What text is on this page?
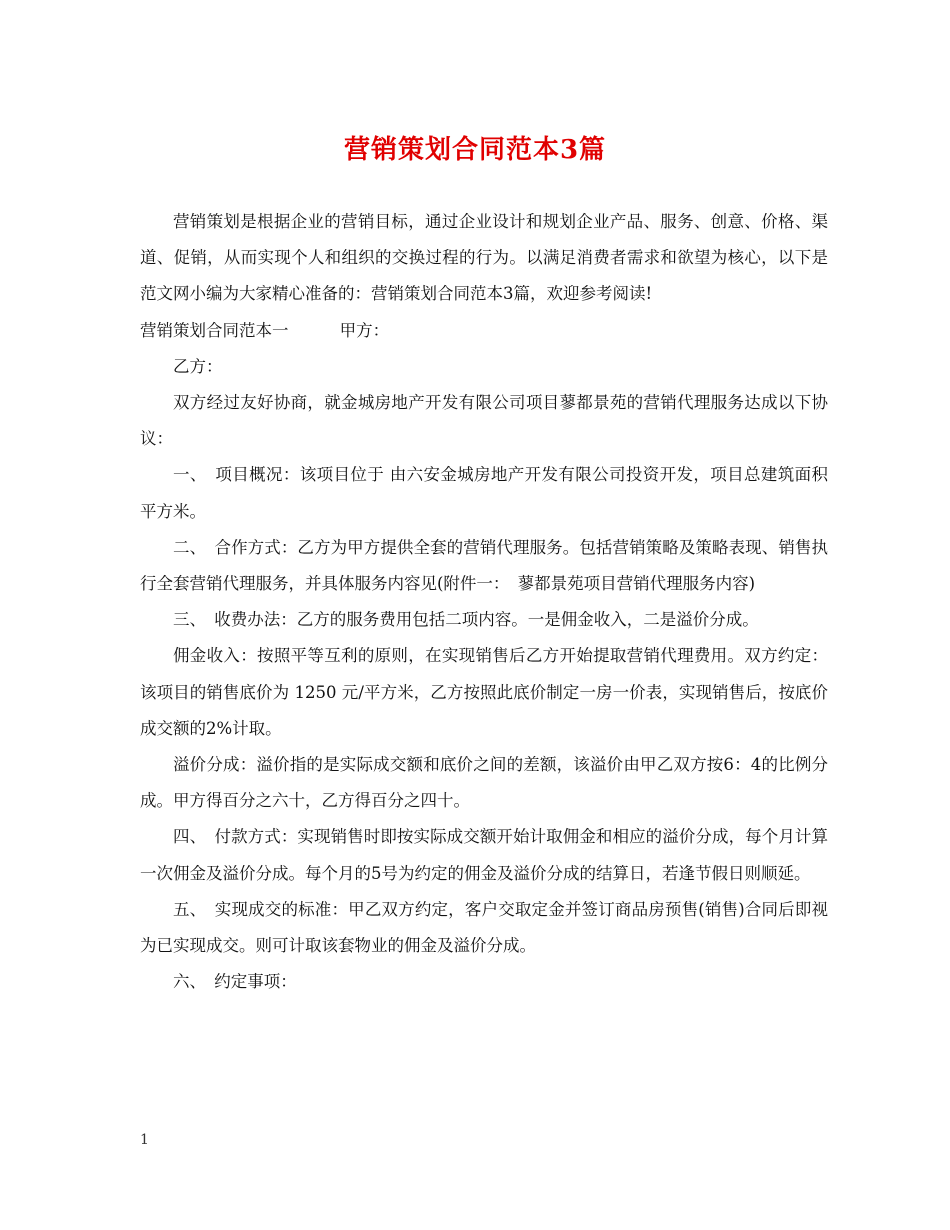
营销策划合同范本3篇

营销策划是根据企业的营销目标，通过企业设计和规划企业产品、服务、创意、价格、渠道、促销，从而实现个人和组织的交换过程的行为。以满足消费者需求和欲望为核心，以下是范文网小编为大家精心准备的：营销策划合同范本3篇，欢迎参考阅读!

营销策划合同范本一	甲方：

乙方：

双方经过友好协商，就金城房地产开发有限公司项目蓼都景苑的营销代理服务达成以下协议：

一、　项目概况：该项目位于 由六安金城房地产开发有限公司投资开发，项目总建筑面积 平方米。

二、　合作方式：乙方为甲方提供全套的营销代理服务。包括营销策略及策略表现、销售执行全套营销代理服务，并具体服务内容见(附件一：　蓼都景苑项目营销代理服务内容)

三、　收费办法：乙方的服务费用包括二项内容。一是佣金收入，二是溢价分成。

佣金收入：按照平等互利的原则，在实现销售后乙方开始提取营销代理费用。双方约定：该项目的销售底价为 1250 元/平方米，乙方按照此底价制定一房一价表，实现销售后，按底价成交额的2%计取。

溢价分成：溢价指的是实际成交额和底价之间的差额，该溢价由甲乙双方按6：4的比例分成。甲方得百分之六十，乙方得百分之四十。

四、　付款方式：实现销售时即按实际成交额开始计取佣金和相应的溢价分成，每个月计算一次佣金及溢价分成。每个月的5号为约定的佣金及溢价分成的结算日，若逢节假日则顺延。

五、　实现成交的标准：甲乙双方约定，客户交取定金并签订商品房预售(销售)合同后即视为已实现成交。则可计取该套物业的佣金及溢价分成。

六、　约定事项：

1
